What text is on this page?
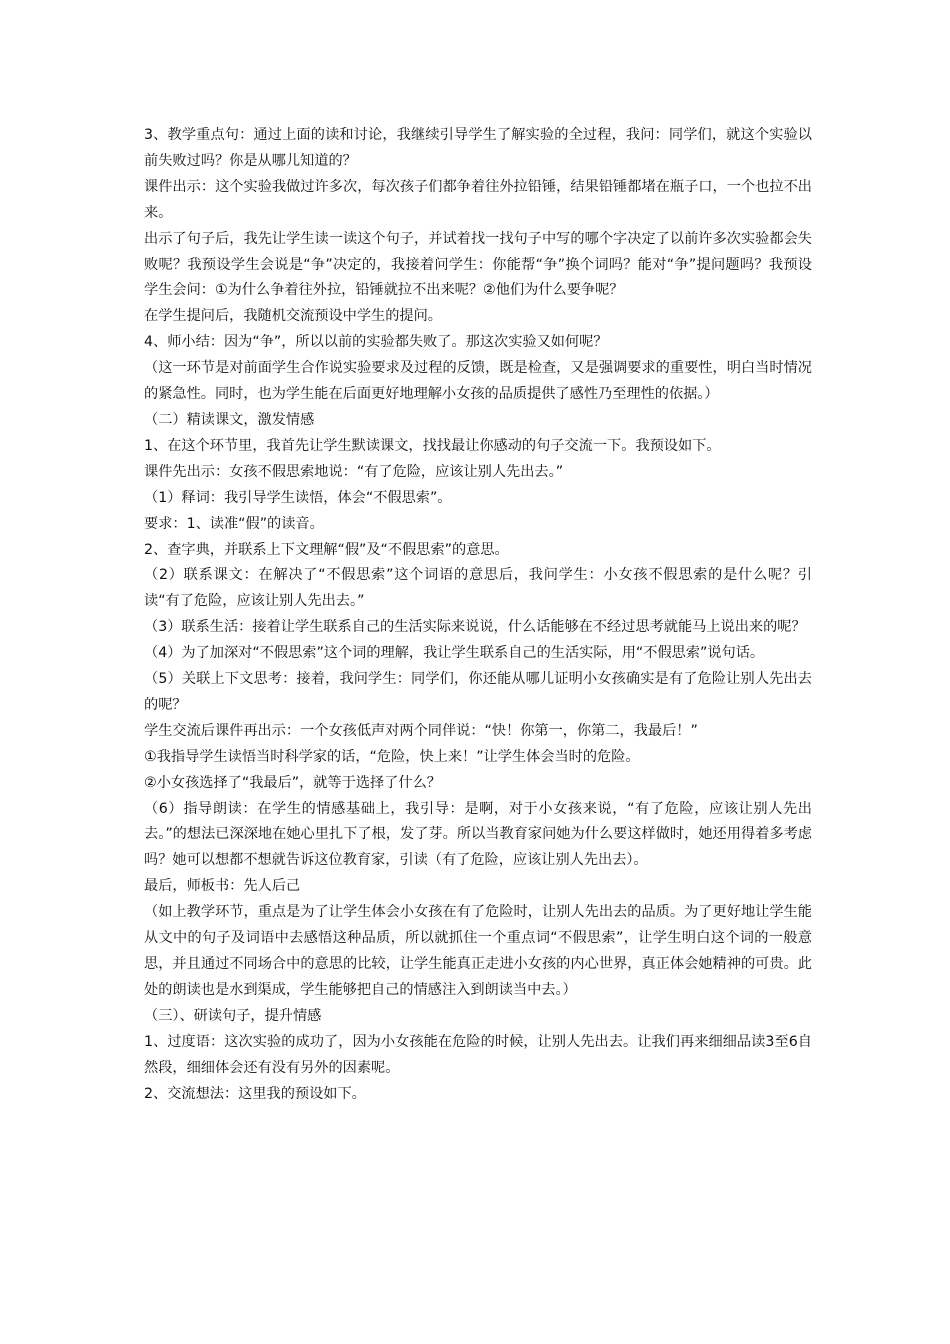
3、教学重点句：通过上面的读和讨论，我继续引导学生了解实验的全过程，我问：同学们，就这个实验以前失败过吗？你是从哪儿知道的？

课件出示：这个实验我做过许多次，每次孩子们都争着往外拉铅锤，结果铅锤都堵在瓶子口，一个也拉不出来。

出示了句子后，我先让学生读一读这个句子，并试着找一找句子中写的哪个字决定了以前许多次实验都会失败呢？我预设学生会说是“争”决定的，我接着问学生：你能帮“争”换个词吗？能对“争”提问题吗？我预设学生会问：①为什么争着往外拉，铅锤就拉不出来呢？②他们为什么要争呢？

在学生提问后，我随机交流预设中学生的提问。

4、师小结：因为“争”，所以以前的实验都失败了。那这次实验又如何呢？

（这一环节是对前面学生合作说实验要求及过程的反馈，既是检查，又是强调要求的重要性，明白当时情况的紧急性。同时，也为学生能在后面更好地理解小女孩的品质提供了感性乃至理性的依据。）

（二）精读课文，激发情感

1、在这个环节里，我首先让学生默读课文，找找最让你感动的句子交流一下。我预设如下。

课件先出示：女孩不假思索地说：“有了危险，应该让别人先出去。”

（1）释词：我引导学生读悟，体会“不假思索”。

要求：1、读准“假”的读音。

2、查字典，并联系上下文理解“假”及“不假思索”的意思。

（2）联系课文：在解决了“不假思索”这个词语的意思后，我问学生：小女孩不假思索的是什么呢？引读“有了危险，应该让别人先出去。”

（3）联系生活：接着让学生联系自己的生活实际来说说，什么话能够在不经过思考就能马上说出来的呢？

（4）为了加深对“不假思索”这个词的理解，我让学生联系自己的生活实际，用“不假思索”说句话。

（5）关联上下文思考：接着，我问学生：同学们，你还能从哪儿证明小女孩确实是有了危险让别人先出去的呢？

学生交流后课件再出示：一个女孩低声对两个同伴说：“快！你第一，你第二，我最后！”

①我指导学生读悟当时科学家的话，“危险，快上来！”让学生体会当时的危险。

②小女孩选择了“我最后”，就等于选择了什么？

（6）指导朗读：在学生的情感基础上，我引导：是啊，对于小女孩来说，“有了危险，应该让别人先出去。”的想法已深深地在她心里扎下了根，发了芽。所以当教育家问她为什么要这样做时，她还用得着多考虑吗？她可以想都不想就告诉这位教育家，引读（有了危险，应该让别人先出去）。

最后，师板书：先人后己

（如上教学环节，重点是为了让学生体会小女孩在有了危险时，让别人先出去的品质。为了更好地让学生能从文中的句子及词语中去感悟这种品质，所以就抓住一个重点词“不假思索”，让学生明白这个词的一般意思，并且通过不同场合中的意思的比较，让学生能真正走进小女孩的内心世界，真正体会她精神的可贵。此处的朗读也是水到渠成，学生能够把自己的情感注入到朗读当中去。）

（三）、研读句子，提升情感

1、过度语：这次实验的成功了，因为小女孩能在危险的时候，让别人先出去。让我们再来细细品读3至6自然段，细细体会还有没有另外的因素呢。

2、交流想法：这里我的预设如下。
